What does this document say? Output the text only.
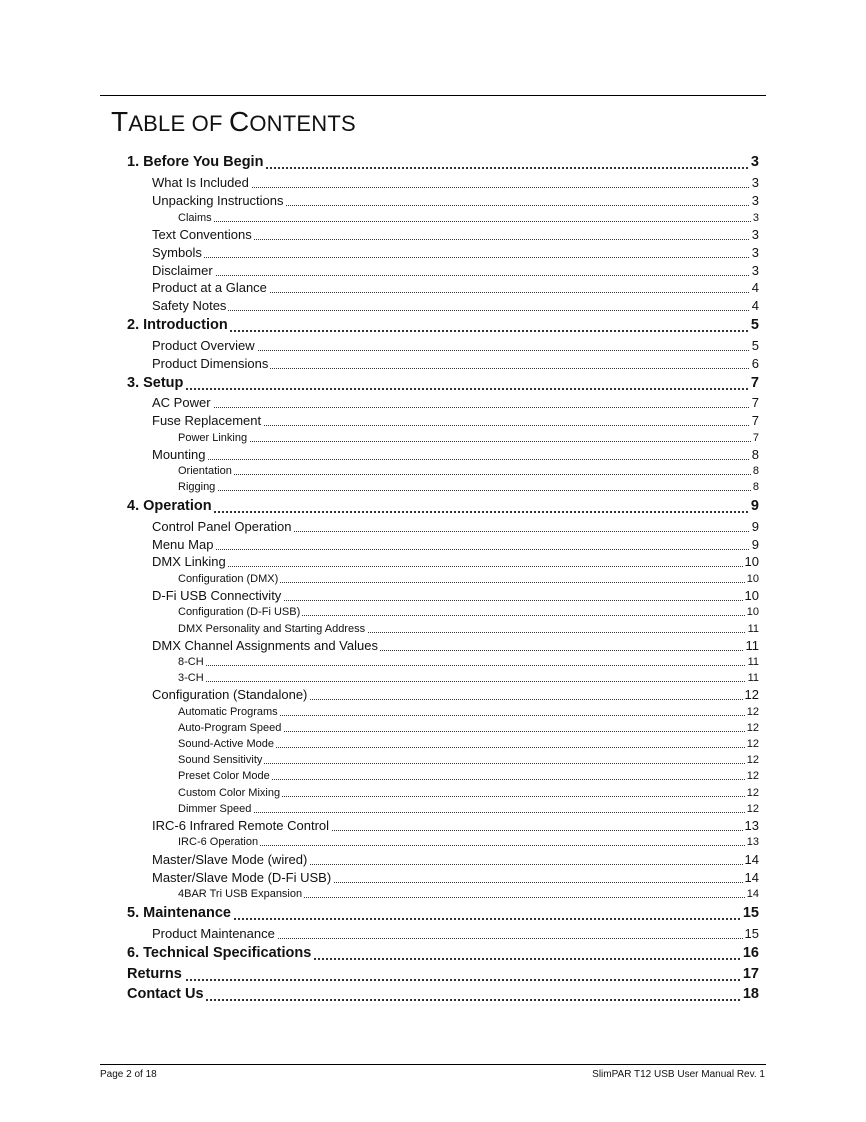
TABLE OF CONTENTS
1. Before You Begin	3
What Is Included	3
Unpacking Instructions	3
Claims	3
Text Conventions	3
Symbols	3
Disclaimer	3
Product at a Glance	4
Safety Notes	4
2. Introduction	5
Product Overview	5
Product Dimensions	6
3. Setup	7
AC Power	7
Fuse Replacement	7
Power Linking	7
Mounting	8
Orientation	8
Rigging	8
4. Operation	9
Control Panel Operation	9
Menu Map	9
DMX Linking	10
Configuration (DMX)	10
D-Fi USB Connectivity	10
Configuration (D-Fi USB)	10
DMX Personality and Starting Address	11
DMX Channel Assignments and Values	11
8-CH	11
3-CH	11
Configuration (Standalone)	12
Automatic Programs	12
Auto-Program Speed	12
Sound-Active Mode	12
Sound Sensitivity	12
Preset Color Mode	12
Custom Color Mixing	12
Dimmer Speed	12
IRC-6 Infrared Remote Control	13
IRC-6 Operation	13
Master/Slave Mode (wired)	14
Master/Slave Mode (D-Fi USB)	14
4BAR Tri USB Expansion	14
5. Maintenance	15
Product Maintenance	15
6. Technical Specifications	16
Returns	17
Contact Us	18
Page 2 of 18	SlimPAR T12 USB User Manual Rev. 1
